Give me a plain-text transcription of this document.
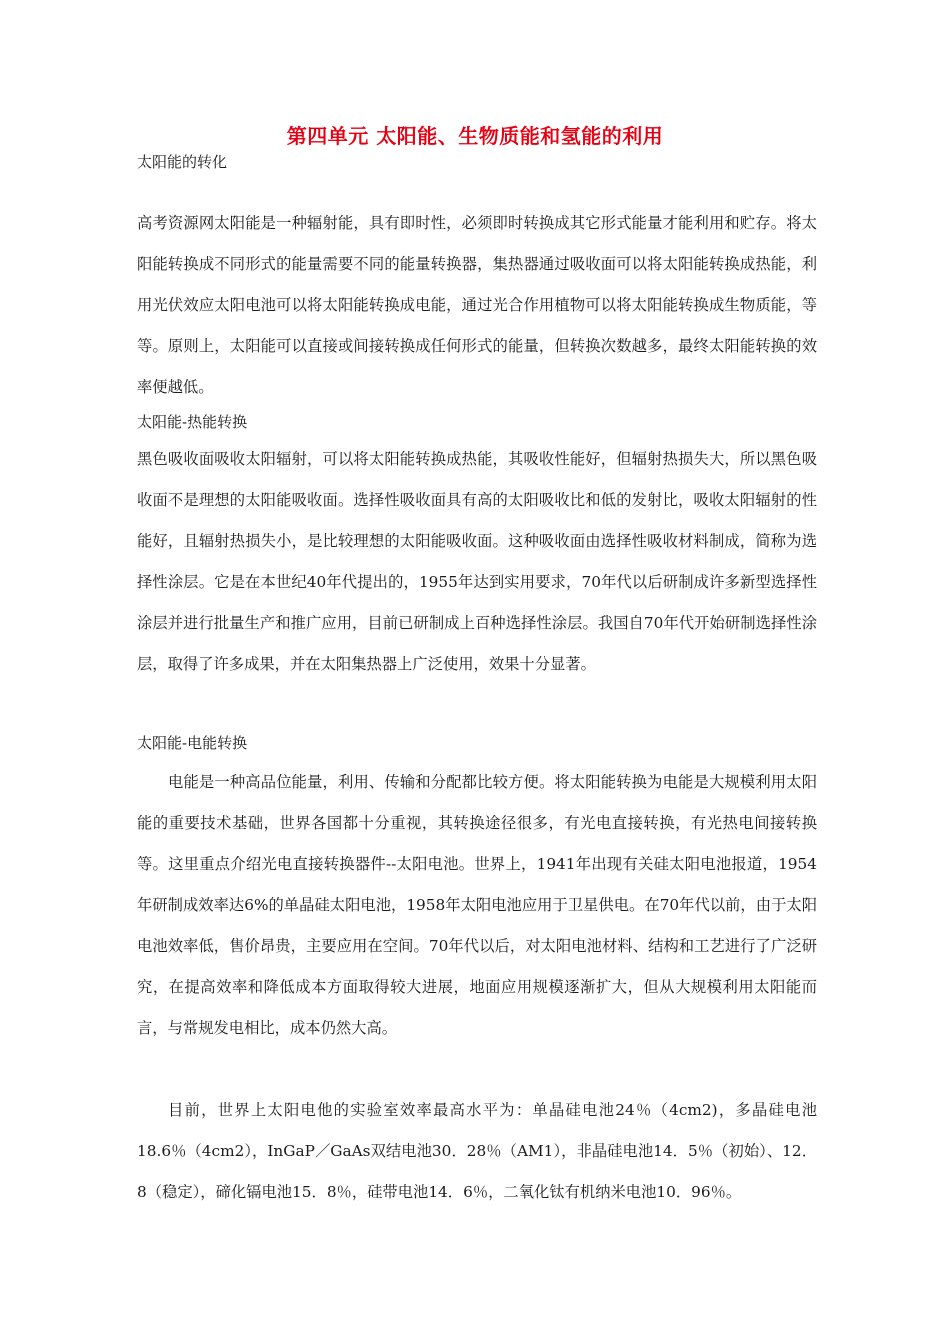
第四单元 太阳能、生物质能和氢能的利用
太阳能的转化
高考资源网太阳能是一种辐射能，具有即时性，必须即时转换成其它形式能量才能利用和贮存。将太阳能转换成不同形式的能量需要不同的能量转换器，集热器通过吸收面可以将太阳能转换成热能，利用光伏效应太阳电池可以将太阳能转换成电能，通过光合作用植物可以将太阳能转换成生物质能，等等。原则上，太阳能可以直接或间接转换成任何形式的能量，但转换次数越多，最终太阳能转换的效率便越低。
太阳能-热能转换
黑色吸收面吸收太阳辐射，可以将太阳能转换成热能，其吸收性能好，但辐射热损失大，所以黑色吸收面不是理想的太阳能吸收面。选择性吸收面具有高的太阳吸收比和低的发射比，吸收太阳辐射的性能好，且辐射热损失小，是比较理想的太阳能吸收面。这种吸收面由选择性吸收材料制成，简称为选择性涂层。它是在本世纪40年代提出的，1955年达到实用要求，70年代以后研制成许多新型选择性涂层并进行批量生产和推广应用，目前已研制成上百种选择性涂层。我国自70年代开始研制选择性涂层，取得了许多成果，并在太阳集热器上广泛使用，效果十分显著。
太阳能-电能转换
电能是一种高品位能量，利用、传输和分配都比较方便。将太阳能转换为电能是大规模利用太阳能的重要技术基础，世界各国都十分重视，其转换途径很多，有光电直接转换，有光热电间接转换等。这里重点介绍光电直接转换器件--太阳电池。世界上，1941年出现有关硅太阳电池报道，1954年研制成效率达6%的单晶硅太阳电池，1958年太阳电池应用于卫星供电。在70年代以前，由于太阳电池效率低，售价昂贵，主要应用在空间。70年代以后，对太阳电池材料、结构和工艺进行了广泛研究，在提高效率和降低成本方面取得较大进展，地面应用规模逐渐扩大，但从大规模利用太阳能而言，与常规发电相比，成本仍然大高。
目前，世界上太阳电他的实验室效率最高水平为：单晶硅电池24％（4cm2)，多晶硅电池18.6％（4cm2），InGaP／GaAs双结电池30．28％（AM1），非晶硅电池14．5％（初始）、12．8（稳定），碲化镉电池15．8％，硅带电池14．6％，二氧化钛有机纳米电池10．96％。
